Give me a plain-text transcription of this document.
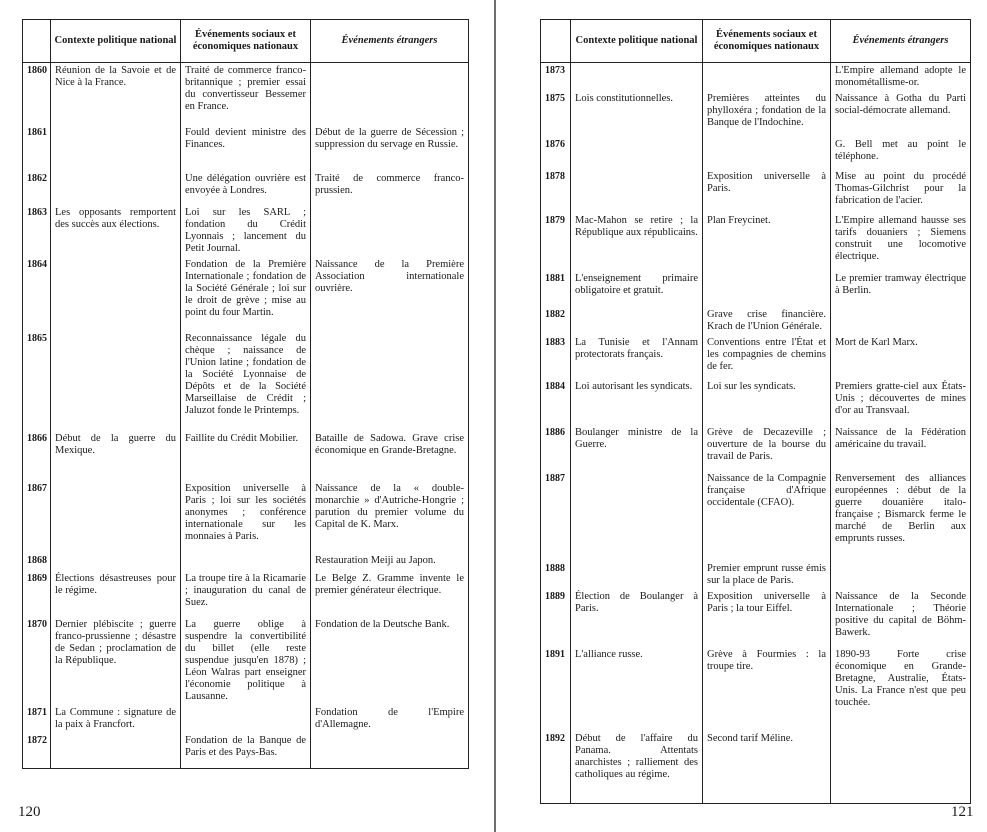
	Contexte politique national	Événements sociaux et économiques nationaux	Événements étrangers
1860	Réunion de la Savoie et de Nice à la France.	Traité de commerce franco-britannique ; premier essai du convertisseur Bessemer en France.	
1861		Fould devient ministre des Finances.	Début de la guerre de Sécession ; suppression du servage en Russie.
1862		Une délégation ouvrière est envoyée à Londres.	Traité de commerce franco-prussien.
1863	Les opposants remportent des succès aux élections.	Loi sur les SARL ; fondation du Crédit Lyonnais ; lancement du Petit Journal.	
1864		Fondation de la Première Internationale ; fondation de la Société Générale ; loi sur le droit de grève ; mise au point du four Martin.	Naissance de la Première Association internationale ouvrière.
1865		Reconnaissance légale du chèque ; naissance de l'Union latine ; fondation de la Société Lyonnaise de Dépôts et de la Société Marseillaise de Crédit ; Jaluzot fonde le Printemps.	
1866	Début de la guerre du Mexique.	Faillite du Crédit Mobilier.	Bataille de Sadowa. Grave crise économique en Grande-Bretagne.
1867		Exposition universelle à Paris ; loi sur les sociétés anonymes ; conférence internationale sur les monnaies à Paris.	Naissance de la « double-monarchie » d'Autriche-Hongrie ; parution du premier volume du Capital de K. Marx.
1868			Restauration Meiji au Japon.
1869	Élections désastreuses pour le régime.	La troupe tire à la Ricamarie ; inauguration du canal de Suez.	Le Belge Z. Gramme invente le premier générateur électrique.
1870	Dernier plébiscite ; guerre franco-prussienne ; désastre de Sedan ; proclamation de la République.	La guerre oblige à suspendre la convertibilité du billet (elle reste suspendue jusqu'en 1878) ; Léon Walras part enseigner l'économie politique à Lausanne.	Fondation de la Deutsche Bank.
1871	La Commune : signature de la paix à Francfort.		Fondation de l'Empire d'Allemagne.
1872		Fondation de la Banque de Paris et des Pays-Bas.	
120
	Contexte politique national	Événements sociaux et économiques nationaux	Événements étrangers
1873			L'Empire allemand adopte le monométallisme-or.
1875	Lois constitutionnelles.	Premières atteintes du phylloxéra ; fondation de la Banque de l'Indochine.	Naissance à Gotha du Parti social-démocrate allemand.
1876			G. Bell met au point le téléphone.
1878		Exposition universelle à Paris.	Mise au point du procédé Thomas-Gilchrist pour la fabrication de l'acier.
1879	Mac-Mahon se retire ; la République aux républicains.	Plan Freycinet.	L'Empire allemand hausse ses tarifs douaniers ; Siemens construit une locomotive électrique.
1881	L'enseignement primaire obligatoire et gratuit.		Le premier tramway électrique à Berlin.
1882		Grave crise financière. Krach de l'Union Générale.	
1883	La Tunisie et l'Annam protectorats français.	Conventions entre l'État et les compagnies de chemins de fer.	Mort de Karl Marx.
1884	Loi autorisant les syndicats.	Loi sur les syndicats.	Premiers gratte-ciel aux États-Unis ; découvertes de mines d'or au Transvaal.
1886	Boulanger ministre de la Guerre.	Grève de Decazeville ; ouverture de la bourse du travail de Paris.	Naissance de la Fédération américaine du travail.
1887		Naissance de la Compagnie française d'Afrique occidentale (CFAO).	Renversement des alliances européennes : début de la guerre douanière italo-française ; Bismarck ferme le marché de Berlin aux emprunts russes.
1888		Premier emprunt russe émis sur la place de Paris.	
1889	Élection de Boulanger à Paris.	Exposition universelle à Paris ; la tour Eiffel.	Naissance de la Seconde Internationale ; Théorie positive du capital de Böhm-Bawerk.
1891	L'alliance russe.	Grève à Fourmies : la troupe tire.	1890-93 Forte crise économique en Grande-Bretagne, Australie, États-Unis. La France n'est que peu touchée.
1892	Début de l'affaire du Panama. Attentats anarchistes ; ralliement des catholiques au régime.	Second tarif Méline.	
121
